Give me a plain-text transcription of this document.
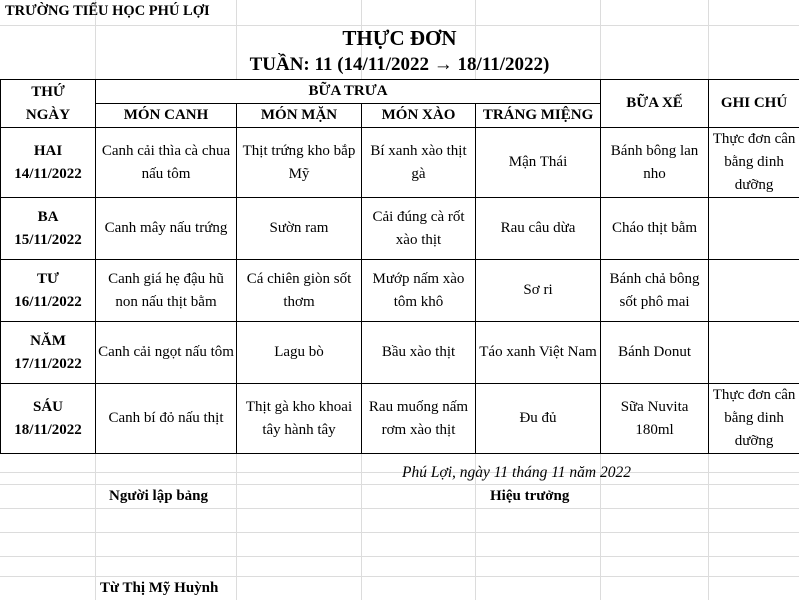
TRƯỜNG TIỂU HỌC PHÚ LỢI
THỰC ĐƠN
TUẦN: 11 (14/11/2022 → 18/11/2022)
THỨ
NGÀY	BỮA TRƯA				BỮA XẾ	GHI CHÚ
	MÓN CANH	MÓN MẶN	MÓN XÀO	TRÁNG MIỆNG		
HAI
14/11/2022	Canh cải thìa cà chua nấu tôm	Thịt trứng kho bắp Mỹ	Bí xanh xào thịt gà	Mận Thái	Bánh bông lan nho	Thực đơn cân bằng dinh dưỡng
BA
15/11/2022	Canh mây nấu trứng	Sườn ram	Cải đúng cà rốt xào thịt	Rau câu dừa	Cháo thịt bằm	
TƯ
16/11/2022	Canh giá hẹ đậu hũ non nấu thịt bằm	Cá chiên giòn sốt thơm	Mướp nấm xào tôm khô	Sơ ri	Bánh chả bông sốt phô mai	
NĂM
17/11/2022	Canh cải ngọt nấu tôm	Lagu bò	Bầu xào thịt	Táo xanh Việt Nam	Bánh Donut	
SÁU
18/11/2022	Canh bí đỏ nấu thịt	Thịt gà kho khoai tây hành tây	Rau muống nấm rơm xào thịt	Đu đủ	Sữa Nuvita 180ml	Thực đơn cân bằng dinh dưỡng
Phú Lợi, ngày 11 tháng 11 năm 2022
Người lập bảng	Hiệu trưởng
Từ Thị Mỹ Huỳnh
